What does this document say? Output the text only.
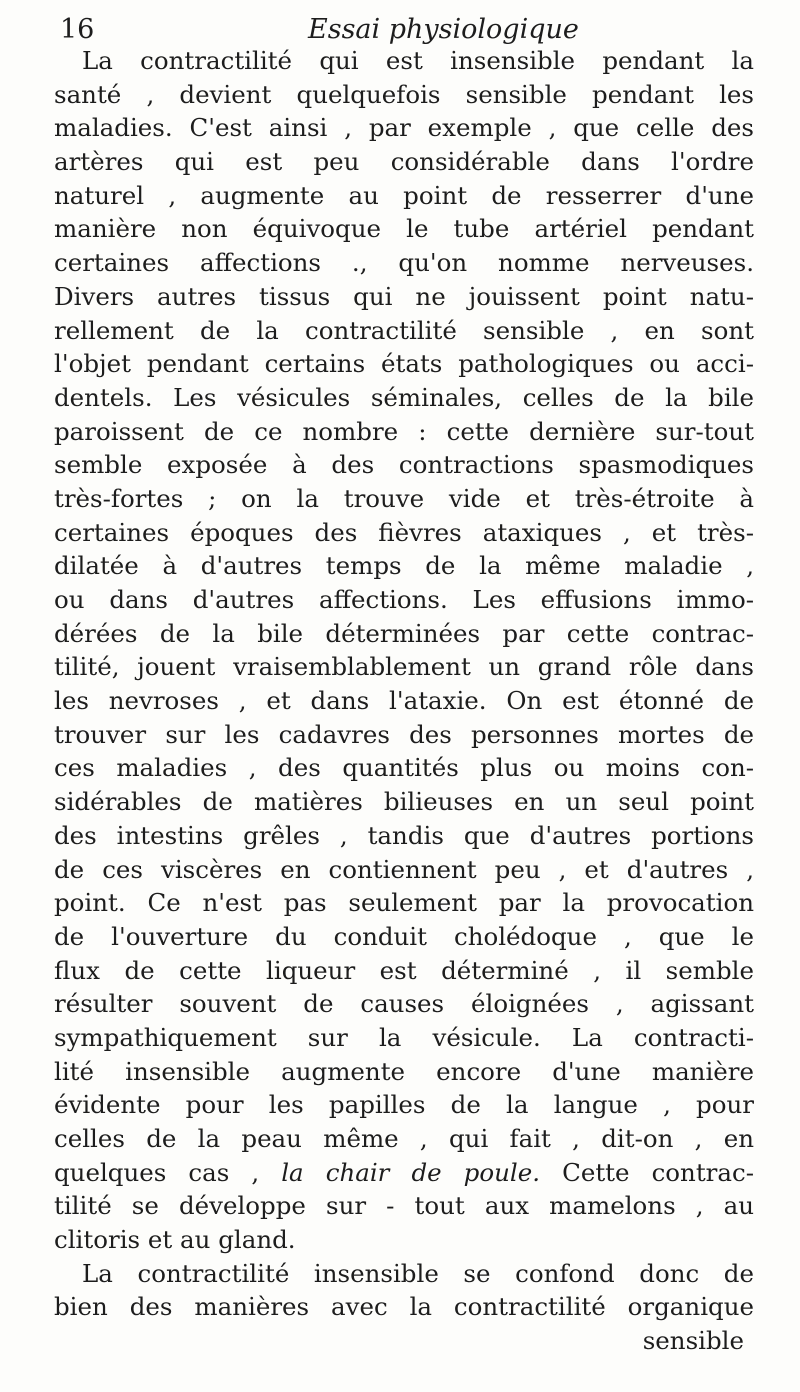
16	Essai physiologique
La contractilité qui est insensible pendant la
santé , devient quelquefois sensible pendant les
maladies. C'est ainsi , par exemple , que celle des
artères qui est peu considérable dans l'ordre
naturel , augmente au point de resserrer d'une
manière non équivoque le tube artériel pendant
certaines affections ., qu'on nomme nerveuses.
Divers autres tissus qui ne jouissent point natu-
rellement de la contractilité sensible , en sont
l'objet pendant certains états pathologiques ou acci-
dentels. Les vésicules séminales, celles de la bile
paroissent de ce nombre : cette dernière sur-tout
semble exposée à des contractions spasmodiques
très-fortes ; on la trouve vide et très-étroite à
certaines époques des fièvres ataxiques , et très-
dilatée à d'autres temps de la même maladie ,
ou dans d'autres affections. Les effusions immo-
dérées de la bile déterminées par cette contrac-
tilité, jouent vraisemblablement un grand rôle dans
les nevroses , et dans l'ataxie. On est étonné de
trouver sur les cadavres des personnes mortes de
ces maladies , des quantités plus ou moins con-
sidérables de matières bilieuses en un seul point
des intestins grêles , tandis que d'autres portions
de ces viscères en contiennent peu , et d'autres ,
point. Ce n'est pas seulement par la provocation
de l'ouverture du conduit cholédoque , que le
flux de cette liqueur est déterminé , il semble
résulter souvent de causes éloignées , agissant
sympathiquement sur la vésicule. La contracti-
lité insensible augmente encore d'une manière
évidente pour les papilles de la langue , pour
celles de la peau même , qui fait , dit-on , en
quelques cas , la chair de poule. Cette contrac-
tilité se développe sur - tout aux mamelons , au
clitoris et au gland.
La contractilité insensible se confond donc de
bien des manières avec la contractilité organique
sensible
